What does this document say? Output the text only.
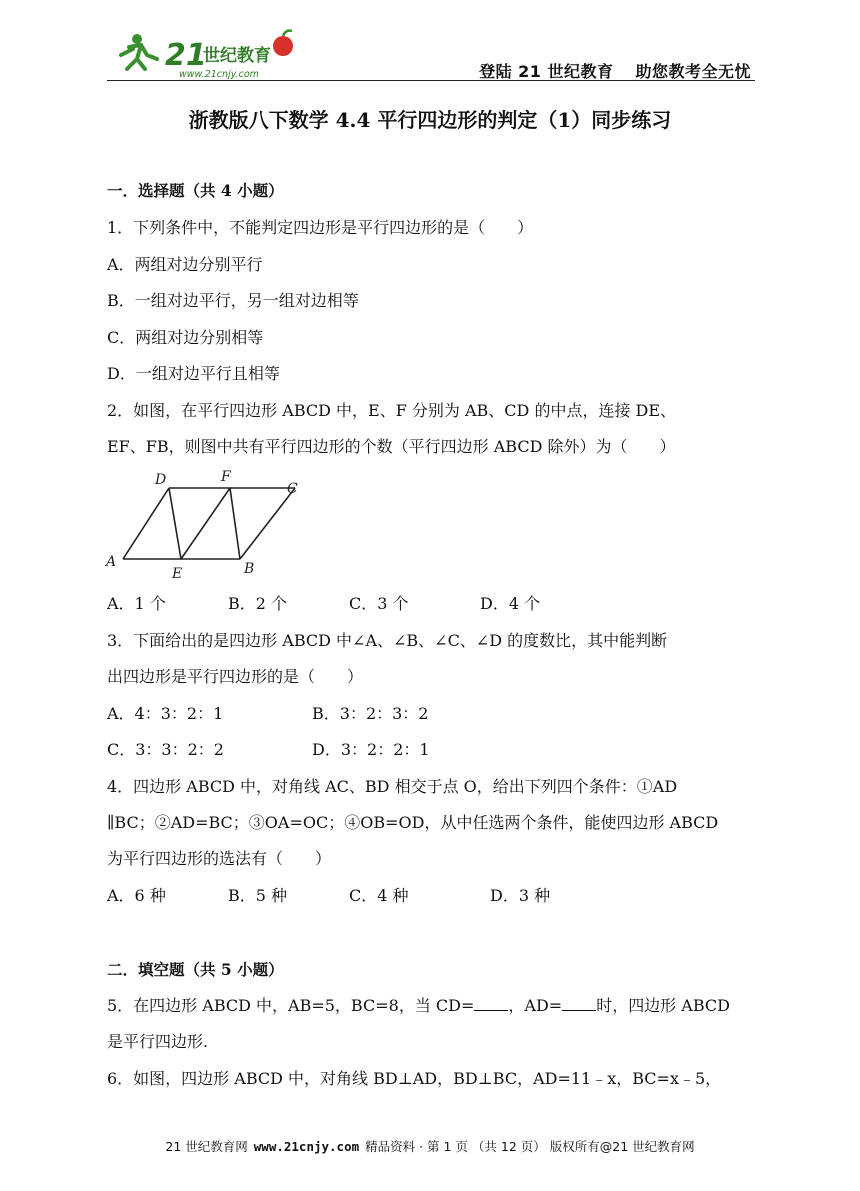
21
世纪教育
www.21cnjy.com	登陆 21 世纪教育 助您教考全无忧
浙教版八下数学 4.4 平行四边形的判定（1）同步练习
一．选择题（共 4 小题）
1．下列条件中，不能判定四边形是平行四边形的是（　　）
A．两组对边分别平行
B．一组对边平行，另一组对边相等
C．两组对边分别相等
D．一组对边平行且相等
2．如图，在平行四边形 ABCD 中，E、F 分别为 AB、CD 的中点，连接 DE、
EF、FB，则图中共有平行四边形的个数（平行四边形 ABCD 除外）为（　　）
A	B
C
D
E
F
A．1 个	B．2 个	C．3 个	D．4 个
3．下面给出的是四边形 ABCD 中∠A、∠B、∠C、∠D 的度数比，其中能判断
出四边形是平行四边形的是（　　）
A．4：3：2：1	B．3：2：3：2
C．3：3：2：2	D．3：2：2：1
4．四边形 ABCD 中，对角线 AC、BD 相交于点 O，给出下列四个条件：①AD
∥BC；②AD=BC；③OA=OC；④OB=OD，从中任选两个条件，能使四边形 ABCD
为平行四边形的选法有（　　）
A．6 种	B．5 种	C．4 种	D．3 种
二．填空题（共 5 小题）
5．在四边形 ABCD 中，AB=5，BC=8，当 CD= ，AD= 时，四边形 ABCD
是平行四边形.
6．如图，四边形 ABCD 中，对角线 BD⊥AD，BD⊥BC，AD=11﹣x，BC=x﹣5，
21 世纪教育网 www.21cnjy.com 精品资料 · 第 1 页 （共 12 页） 版权所有@21 世纪教育网
